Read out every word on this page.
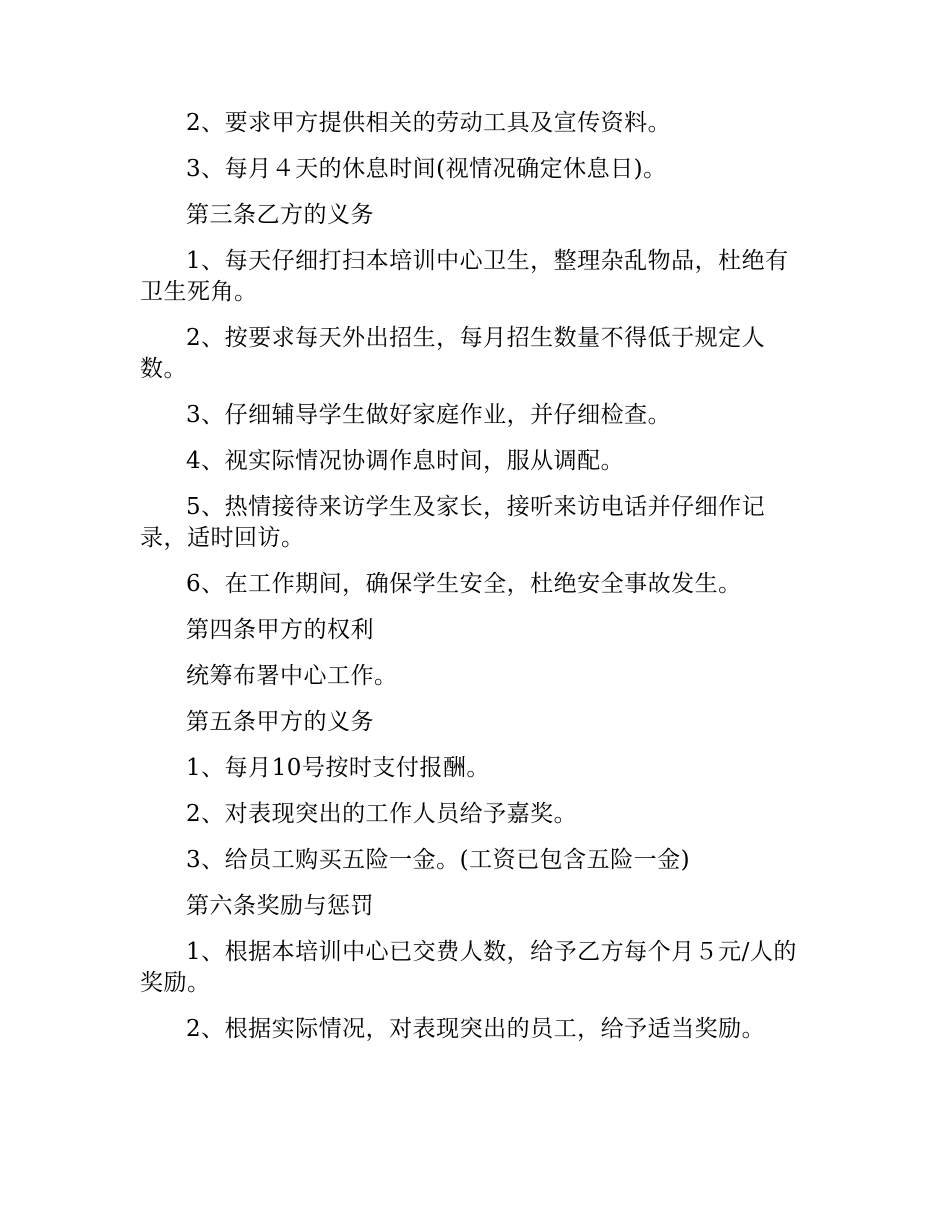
2、要求甲方提供相关的劳动工具及宣传资料。

3、每月４天的休息时间(视情况确定休息日)。

第三条乙方的义务

1、每天仔细打扫本培训中心卫生，整理杂乱物品，杜绝有卫生死角。

2、按要求每天外出招生，每月招生数量不得低于规定人数。

3、仔细辅导学生做好家庭作业，并仔细检查。

4、视实际情况协调作息时间，服从调配。

5、热情接待来访学生及家长，接听来访电话并仔细作记录，适时回访。

6、在工作期间，确保学生安全，杜绝安全事故发生。

第四条甲方的权利

统筹布署中心工作。

第五条甲方的义务

1、每月10号按时支付报酬。

2、对表现突出的工作人员给予嘉奖。

3、给员工购买五险一金。(工资已包含五险一金)

第六条奖励与惩罚

1、根据本培训中心已交费人数，给予乙方每个月５元/人的奖励。

2、根据实际情况，对表现突出的员工，给予适当奖励。
